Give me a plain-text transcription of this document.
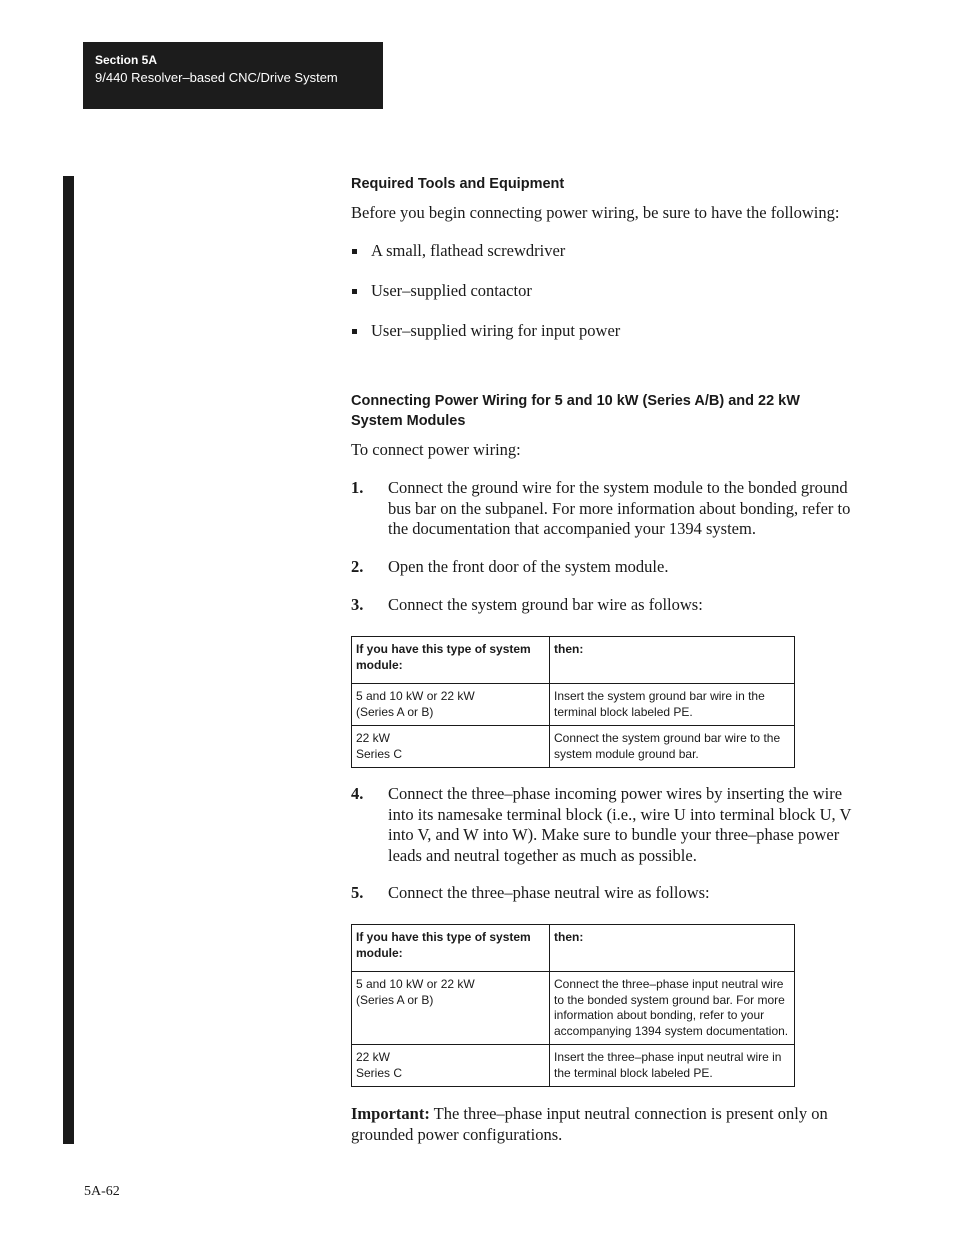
Section 5A
9/440 Resolver–based CNC/Drive System
Required Tools and Equipment
Before you begin connecting power wiring, be sure to have the following:
A small, flathead screwdriver
User–supplied contactor
User–supplied wiring for input power
Connecting Power Wiring for 5 and 10 kW (Series A/B) and 22 kW System Modules
To connect power wiring:
1. Connect the ground wire for the system module to the bonded ground bus bar on the subpanel. For more information about bonding, refer to the documentation that accompanied your 1394 system.
2. Open the front door of the system module.
3. Connect the system ground bar wire as follows:
If you have this type of system module:	then:

5 and 10 kW or 22 kW
(Series A or B)	Insert the system ground bar wire in the terminal block labeled PE.

22 kW
Series C	Connect the system ground bar wire to the system module ground bar.
4. Connect the three–phase incoming power wires by inserting the wire into its namesake terminal block (i.e., wire U into terminal block U, V into V, and W into W). Make sure to bundle your three–phase power leads and neutral together as much as possible.
5. Connect the three–phase neutral wire as follows:
If you have this type of system module:	then:

5 and 10 kW or 22 kW
(Series A or B)	Connect the three–phase input neutral wire to the bonded system ground bar. For more information about bonding, refer to your accompanying 1394 system documentation.

22 kW
Series C	Insert the three–phase input neutral wire in the terminal block labeled PE.
Important: The three–phase input neutral connection is present only on grounded power configurations.
5A-62
